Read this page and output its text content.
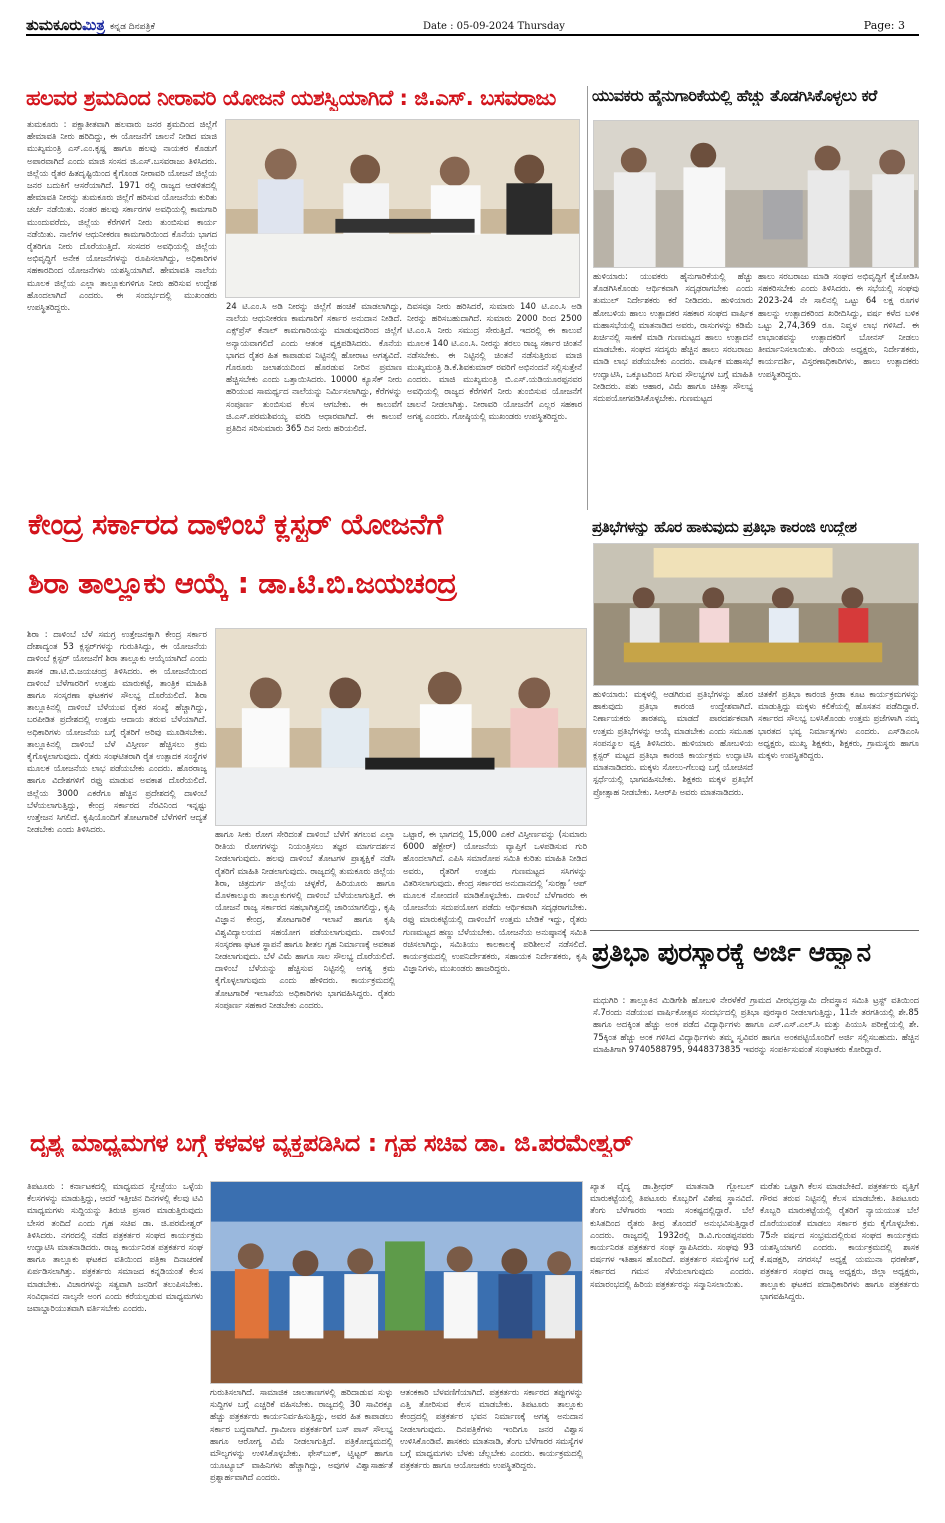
ತುಮಕೂರುಮಿತ್ರ ಕನ್ನಡ ದಿನಪತ್ರಿಕೆ	Date : 05-09-2024 Thursday	Page: 3
ಹಲವರ ಶ್ರಮದಿಂದ ನೀರಾವರಿ ಯೋಜನೆ ಯಶಸ್ವಿಯಾಗಿದೆ : ಜಿ.ಎಸ್. ಬಸವರಾಜು
ತುಮಕೂರು : ಪಕ್ಷಾತೀತವಾಗಿ ಹಲವಾರು ಜನರ ಶ್ರಮದಿಂದ ಜಿಲ್ಲೆಗೆ ಹೇಮಾವತಿ ನೀರು ಹರಿದಿದ್ದು, ಈ ಯೋಜನೆಗೆ ಚಾಲನೆ ನೀಡಿದ ಮಾಜಿ ಮುಖ್ಯಮಂತ್ರಿ ಎಸ್.ಎಂ.ಕೃಷ್ಣ ಹಾಗೂ ಹಲವು ನಾಯಕರ ಕೊಡುಗೆ ಅಪಾರವಾಗಿದೆ ಎಂದು ಮಾಜಿ ಸಂಸದ ಜಿ.ಎಸ್.ಬಸವರಾಜು ತಿಳಿಸಿದರು. ಜಿಲ್ಲೆಯ ರೈತರ ಹಿತದೃಷ್ಟಿಯಿಂದ ಕೈಗೊಂಡ ನೀರಾವರಿ ಯೋಜನೆ ಜಿಲ್ಲೆಯ ಜನರ ಬದುಕಿಗೆ ಆಸರೆಯಾಗಿದೆ. 1971 ರಲ್ಲಿ ರಾಜ್ಯದ ಆಡಳಿತದಲ್ಲಿ ಹೇಮಾವತಿ ನೀರನ್ನು ತುಮಕೂರು ಜಿಲ್ಲೆಗೆ ಹರಿಸುವ ಯೋಜನೆಯ ಕುರಿತು ಚರ್ಚೆ ನಡೆಯಿತು. ನಂತರ ಹಲವು ಸರ್ಕಾರಗಳ ಅವಧಿಯಲ್ಲಿ ಕಾಮಗಾರಿ ಮುಂದುವರೆದು, ಜಿಲ್ಲೆಯ ಕೆರೆಗಳಿಗೆ ನೀರು ತುಂಬಿಸುವ ಕಾರ್ಯ ನಡೆಯಿತು. ನಾಲೆಗಳ ಆಧುನೀಕರಣ ಕಾಮಗಾರಿಯಿಂದ ಕೊನೆಯ ಭಾಗದ ರೈತರಿಗೂ ನೀರು ದೊರೆಯುತ್ತಿದೆ. ಸಂಸದರ ಅವಧಿಯಲ್ಲಿ ಜಿಲ್ಲೆಯ ಅಭಿವೃದ್ಧಿಗೆ ಅನೇಕ ಯೋಜನೆಗಳನ್ನು ರೂಪಿಸಲಾಗಿದ್ದು, ಅಧಿಕಾರಿಗಳ ಸಹಕಾರದಿಂದ ಯೋಜನೆಗಳು ಯಶಸ್ವಿಯಾಗಿವೆ. ಹೇಮಾವತಿ ನಾಲೆಯ ಮೂಲಕ ಜಿಲ್ಲೆಯ ಎಲ್ಲಾ ತಾಲ್ಲೂಕುಗಳಿಗೂ ನೀರು ಹರಿಸುವ ಉದ್ದೇಶ ಹೊಂದಲಾಗಿದೆ ಎಂದರು. ಈ ಸಂದರ್ಭದಲ್ಲಿ ಮುಖಂಡರು ಉಪಸ್ಥಿತರಿದ್ದರು.	24 ಟಿ.ಎಂ.ಸಿ ಅಡಿ ನೀರನ್ನು ಜಿಲ್ಲೆಗೆ ಹಂಚಿಕೆ ಮಾಡಲಾಗಿದ್ದು, ನಾಲೆಯ ಆಧುನೀಕರಣ ಕಾಮಗಾರಿಗೆ ಸರ್ಕಾರ ಅನುದಾನ ನೀಡಿದೆ. ಎಕ್ಸ್‌ಪ್ರೆಸ್ ಕೆನಾಲ್ ಕಾಮಗಾರಿಯನ್ನು ಮಾಡುವುದರಿಂದ ಜಿಲ್ಲೆಗೆ ಅನ್ಯಾಯವಾಗಲಿದೆ ಎಂದು ಆತಂಕ ವ್ಯಕ್ತಪಡಿಸಿದರು. ಕೊನೆಯ ಭಾಗದ ರೈತರ ಹಿತ ಕಾಪಾಡುವ ನಿಟ್ಟಿನಲ್ಲಿ ಹೋರಾಟ ಅಗತ್ಯವಿದೆ. ಗೊರೂರು ಜಲಾಶಯದಿಂದ ಹೊರಡುವ ನೀರಿನ ಪ್ರಮಾಣ ಹೆಚ್ಚಿಸಬೇಕು ಎಂದು ಒತ್ತಾಯಿಸಿದರು. 10000 ಕ್ಯೂಸೆಕ್ ನೀರು ಹರಿಯುವ ಸಾಮರ್ಥ್ಯದ ನಾಲೆಯನ್ನು ನಿರ್ಮಿಸಲಾಗಿದ್ದು, ಕೆರೆಗಳನ್ನು ಸಂಪೂರ್ಣ ತುಂಬಿಸುವ ಕೆಲಸ ಆಗಬೇಕು. ಈ ಕಾಲುವೆಗೆ ಜಿ.ಎಸ್.ಪರಮಶಿವಯ್ಯ ವರದಿ ಆಧಾರವಾಗಿದೆ. ಈ ಕಾಲುವೆ ಪ್ರತಿದಿನ ಸರಿಸುಮಾರು 365 ದಿನ ನೀರು ಹರಿಯಲಿದೆ.
ದಿವಸವೂ ನೀರು ಹರಿಸಿದರೆ, ಸುಮಾರು 140 ಟಿ.ಎಂ.ಸಿ ಅಡಿ ನೀರನ್ನು ಹರಿಸಬಹುದಾಗಿದೆ. ಸುಮಾರು 2000 ರಿಂದ 2500 ಟಿ.ಎಂ.ಸಿ ನೀರು ಸಮುದ್ರ ಸೇರುತ್ತಿದೆ. ಇದರಲ್ಲಿ ಈ ಕಾಲುವೆ ಮೂಲಕ 140 ಟಿ.ಎಂ.ಸಿ. ನೀರನ್ನು ತರಲು ರಾಜ್ಯ ಸರ್ಕಾರ ಚಿಂತನೆ ನಡೆಸಬೇಕು. ಈ ನಿಟ್ಟಿನಲ್ಲಿ ಚಿಂತನೆ ನಡೆಸುತ್ತಿರುವ ಮಾಜಿ ಮುಖ್ಯಮಂತ್ರಿ ಡಿ.ಕೆ.ಶಿವಕುಮಾರ್ ರವರಿಗೆ ಅಭಿನಂದನೆ ಸಲ್ಲಿಸುತ್ತೇನೆ ಎಂದರು. ಮಾಜಿ ಮುಖ್ಯಮಂತ್ರಿ ಬಿ.ಎಸ್.ಯಡಿಯೂರಪ್ಪನವರ ಅವಧಿಯಲ್ಲಿ ರಾಜ್ಯದ ಕೆರೆಗಳಿಗೆ ನೀರು ತುಂಬಿಸುವ ಯೋಜನೆಗೆ ಚಾಲನೆ ನೀಡಲಾಗಿತ್ತು. ನೀರಾವರಿ ಯೋಜನೆಗೆ ಎಲ್ಲರ ಸಹಕಾರ ಅಗತ್ಯ ಎಂದರು. ಗೋಷ್ಠಿಯಲ್ಲಿ ಮುಖಂಡರು ಉಪಸ್ಥಿತರಿದ್ದರು.
ಯುವಕರು ಹೈನುಗಾರಿಕೆಯಲ್ಲಿ ಹೆಚ್ಚು ತೊಡಗಿಸಿಕೊಳ್ಳಲು ಕರೆ
ಹುಳಿಯಾರು: ಯುವಕರು ಹೈನುಗಾರಿಕೆಯಲ್ಲಿ ಹೆಚ್ಚು ತೊಡಗಿಸಿಕೊಂಡು ಆರ್ಥಿಕವಾಗಿ ಸದೃಢರಾಗಬೇಕು ಎಂದು ತುಮುಲ್ ನಿರ್ದೇಶಕರು ಕರೆ ನೀಡಿದರು. ಹುಳಿಯಾರು ಹೋಬಳಿಯ ಹಾಲು ಉತ್ಪಾದಕರ ಸಹಕಾರ ಸಂಘದ ವಾರ್ಷಿಕ ಮಹಾಸಭೆಯಲ್ಲಿ ಮಾತನಾಡಿದ ಅವರು, ರಾಸುಗಳನ್ನು ಕಡಿಮೆ ಖರ್ಚಿನಲ್ಲಿ ಸಾಕಣೆ ಮಾಡಿ ಗುಣಮಟ್ಟದ ಹಾಲು ಉತ್ಪಾದನೆ ಮಾಡಬೇಕು. ಸಂಘದ ಸದಸ್ಯರು ಹೆಚ್ಚಿನ ಹಾಲು ಸರಬರಾಜು ಮಾಡಿ ಲಾಭ ಪಡೆಯಬೇಕು ಎಂದರು. ವಾರ್ಷಿಕ ಮಹಾಸಭೆ ಉದ್ಘಾಟಿಸಿ, ಒಕ್ಕೂಟದಿಂದ ಸಿಗುವ ಸೌಲಭ್ಯಗಳ ಬಗ್ಗೆ ಮಾಹಿತಿ ನೀಡಿದರು. ಪಶು ಆಹಾರ, ವಿಮೆ ಹಾಗೂ ಚಿಕಿತ್ಸಾ ಸೌಲಭ್ಯ ಸದುಪಯೋಗಪಡಿಸಿಕೊಳ್ಳಬೇಕು. ಗುಣಮಟ್ಟದ
ಹಾಲು ಸರಬರಾಜು ಮಾಡಿ ಸಂಘದ ಅಭಿವೃದ್ಧಿಗೆ ಕೈಜೋಡಿಸಿ ಸಹಕರಿಸಬೇಕು ಎಂದು ತಿಳಿಸಿದರು. ಈ ಸಭೆಯಲ್ಲಿ ಸಂಘವು 2023-24 ನೇ ಸಾಲಿನಲ್ಲಿ ಒಟ್ಟು 64 ಲಕ್ಷ ರೂಗಳ ಹಾಲನ್ನು ಉತ್ಪಾದಕರಿಂದ ಖರೀದಿಸಿದ್ದು, ವರ್ಷ ಕಳೆದ ಬಳಿಕ ಒಟ್ಟು 2,74,369 ರೂ. ನಿವ್ವಳ ಲಾಭ ಗಳಿಸಿದೆ. ಈ ಲಾಭಾಂಶವನ್ನು ಉತ್ಪಾದಕರಿಗೆ ಬೋನಸ್ ನೀಡಲು ತೀರ್ಮಾನಿಸಲಾಯಿತು. ಡೇರಿಯ ಅಧ್ಯಕ್ಷರು, ನಿರ್ದೇಶಕರು, ಕಾರ್ಯದರ್ಶಿ, ವಿಸ್ತರಣಾಧಿಕಾರಿಗಳು, ಹಾಲು ಉತ್ಪಾದಕರು ಉಪಸ್ಥಿತರಿದ್ದರು.
ಕೇಂದ್ರ ಸರ್ಕಾರದ ದಾಳಿಂಬೆ ಕ್ಲಸ್ಟರ್ ಯೋಜನೆಗೆ
ಶಿರಾ ತಾಲ್ಲೂಕು ಆಯ್ಕೆ : ಡಾ.ಟಿ.ಬಿ.ಜಯಚಂದ್ರ
ಪ್ರತಿಭೆಗಳನ್ನು ಹೊರ ಹಾಕುವುದು ಪ್ರತಿಭಾ ಕಾರಂಜಿ ಉದ್ದೇಶ
ಹುಳಿಯಾರು: ಮಕ್ಕಳಲ್ಲಿ ಅಡಗಿರುವ ಪ್ರತಿಭೆಗಳನ್ನು ಹೊರ ಹಾಕುವುದು ಪ್ರತಿಭಾ ಕಾರಂಜಿ ಉದ್ದೇಶವಾಗಿದೆ. ನಿರ್ಣಾಯಕರು ತಾರತಮ್ಯ ಮಾಡದೆ ಪಾರದರ್ಶಕವಾಗಿ ಉತ್ತಮ ಪ್ರತಿಭೆಗಳನ್ನು ಆಯ್ಕೆ ಮಾಡಬೇಕು ಎಂದು ಸಮೂಹ ಸಂಪನ್ಮೂಲ ವ್ಯಕ್ತಿ ತಿಳಿಸಿದರು. ಹುಳಿಯಾರು ಹೋಬಳಿಯ ಕ್ಲಸ್ಟರ್ ಮಟ್ಟದ ಪ್ರತಿಭಾ ಕಾರಂಜಿ ಕಾರ್ಯಕ್ರಮ ಉದ್ಘಾಟಿಸಿ ಮಾತನಾಡಿದರು. ಮಕ್ಕಳು ಸೋಲು-ಗೆಲುವು ಬಗ್ಗೆ ಯೋಚಿಸದೆ ಸ್ಪರ್ಧೆಯಲ್ಲಿ ಭಾಗವಹಿಸಬೇಕು. ಶಿಕ್ಷಕರು ಮಕ್ಕಳ ಪ್ರತಿಭೆಗೆ ಪ್ರೋತ್ಸಾಹ ನೀಡಬೇಕು. ಸಿಆರ್‌ಪಿ ಅವರು ಮಾತನಾಡಿದರು.
ಚಿತಕೆಗೆ ಪ್ರತಿಭಾ ಕಾರಂಜಿ ಕ್ರೀಡಾ ಕೂಟ ಕಾರ್ಯಕ್ರಮಗಳನ್ನು ಮಾಡುತ್ತಿದ್ದು ಮಕ್ಕಳು ಕಲಿಕೆಯಲ್ಲಿ ಹೊಸತನ ಪಡೆದಿದ್ದಾರೆ. ಸರ್ಕಾರದ ಸೌಲಭ್ಯ ಬಳಸಿಕೊಂಡು ಉತ್ತಮ ಪ್ರಜೆಗಳಾಗಿ ನಮ್ಮ ಭಾರತದ ಭವ್ಯ ನಿರ್ಮಾತೃಗಳು ಎಂದರು. ಎಸ್‌ಡಿಎಂಸಿ ಅಧ್ಯಕ್ಷರು, ಮುಖ್ಯ ಶಿಕ್ಷಕರು, ಶಿಕ್ಷಕರು, ಗ್ರಾಮಸ್ಥರು ಹಾಗೂ ಮಕ್ಕಳು ಉಪಸ್ಥಿತರಿದ್ದರು.
ಶಿರಾ : ದಾಳಿಂಬೆ ಬೆಳೆ ಸಮಗ್ರ ಉತ್ತೇಜನಕ್ಕಾಗಿ ಕೇಂದ್ರ ಸರ್ಕಾರ ದೇಶಾದ್ಯಂತ 53 ಕ್ಲಸ್ಟರ್‌ಗಳನ್ನು ಗುರುತಿಸಿದ್ದು, ಈ ಯೋಜನೆಯ ದಾಳಿಂಬೆ ಕ್ಲಸ್ಟರ್ ಯೋಜನೆಗೆ ಶಿರಾ ತಾಲ್ಲೂಕು ಆಯ್ಕೆಯಾಗಿದೆ ಎಂದು ಶಾಸಕ ಡಾ.ಟಿ.ಬಿ.ಜಯಚಂದ್ರ ತಿಳಿಸಿದರು. ಈ ಯೋಜನೆಯಿಂದ ದಾಳಿಂಬೆ ಬೆಳೆಗಾರರಿಗೆ ಉತ್ತಮ ಮಾರುಕಟ್ಟೆ, ತಾಂತ್ರಿಕ ಮಾಹಿತಿ ಹಾಗೂ ಸಂಸ್ಕರಣಾ ಘಟಕಗಳ ಸೌಲಭ್ಯ ದೊರೆಯಲಿದೆ. ಶಿರಾ ತಾಲ್ಲೂಕಿನಲ್ಲಿ ದಾಳಿಂಬೆ ಬೆಳೆಯುವ ರೈತರ ಸಂಖ್ಯೆ ಹೆಚ್ಚಾಗಿದ್ದು, ಬರಪೀಡಿತ ಪ್ರದೇಶದಲ್ಲಿ ಉತ್ತಮ ಆದಾಯ ತರುವ ಬೆಳೆಯಾಗಿದೆ. ಅಧಿಕಾರಿಗಳು ಯೋಜನೆಯ ಬಗ್ಗೆ ರೈತರಿಗೆ ಅರಿವು ಮೂಡಿಸಬೇಕು. ತಾಲ್ಲೂಕಿನಲ್ಲಿ ದಾಳಿಂಬೆ ಬೆಳೆ ವಿಸ್ತೀರ್ಣ ಹೆಚ್ಚಿಸಲು ಕ್ರಮ ಕೈಗೊಳ್ಳಲಾಗುವುದು. ರೈತರು ಸಂಘಟಿತರಾಗಿ ರೈತ ಉತ್ಪಾದಕ ಸಂಸ್ಥೆಗಳ ಮೂಲಕ ಯೋಜನೆಯ ಲಾಭ ಪಡೆಯಬೇಕು ಎಂದರು. ಹೊರರಾಜ್ಯ ಹಾಗೂ ವಿದೇಶಗಳಿಗೆ ರಫ್ತು ಮಾಡುವ ಅವಕಾಶ ದೊರೆಯಲಿದೆ. ಜಿಲ್ಲೆಯ 3000 ಎಕರೆಗೂ ಹೆಚ್ಚಿನ ಪ್ರದೇಶದಲ್ಲಿ ದಾಳಿಂಬೆ ಬೆಳೆಯಲಾಗುತ್ತಿದ್ದು, ಕೇಂದ್ರ ಸರ್ಕಾರದ ನೆರವಿನಿಂದ ಇನ್ನಷ್ಟು ಉತ್ತೇಜನ ಸಿಗಲಿದೆ. ಕೃಷಿಯೊಂದಿಗೆ ತೋಟಗಾರಿಕೆ ಬೆಳೆಗಳಿಗೆ ಆದ್ಯತೆ ನೀಡಬೇಕು ಎಂದು ತಿಳಿಸಿದರು.	ಹಾಗೂ ಸೀಕು ರೋಗ ಸೇರಿದಂತೆ ದಾಳಿಂಬೆ ಬೆಳೆಗೆ ತಗಲುವ ಎಲ್ಲಾ ರೀತಿಯ ರೋಗಗಳನ್ನು ನಿಯಂತ್ರಿಸಲು ತಜ್ಞರ ಮಾರ್ಗದರ್ಶನ ನೀಡಲಾಗುವುದು. ಹಲವು ದಾಳಿಂಬೆ ತೋಟಗಳ ಪ್ರಾತ್ಯಕ್ಷಿಕೆ ನಡೆಸಿ ರೈತರಿಗೆ ಮಾಹಿತಿ ನೀಡಲಾಗುವುದು. ರಾಜ್ಯದಲ್ಲಿ ತುಮಕೂರು ಜಿಲ್ಲೆಯ ಶಿರಾ, ಚಿತ್ರದುರ್ಗ ಜಿಲ್ಲೆಯ ಚಳ್ಳಕೆರೆ, ಹಿರಿಯೂರು ಹಾಗೂ ಮೊಳಕಾಲ್ಮೂರು ತಾಲ್ಲೂಕುಗಳಲ್ಲಿ ದಾಳಿಂಬೆ ಬೆಳೆಯಲಾಗುತ್ತಿದೆ. ಈ ಯೋಜನೆ ರಾಜ್ಯ ಸರ್ಕಾರದ ಸಹಭಾಗಿತ್ವದಲ್ಲಿ ಜಾರಿಯಾಗಲಿದ್ದು, ಕೃಷಿ ವಿಜ್ಞಾನ ಕೇಂದ್ರ, ತೋಟಗಾರಿಕೆ ಇಲಾಖೆ ಹಾಗೂ ಕೃಷಿ ವಿಶ್ವವಿದ್ಯಾಲಯದ ಸಹಯೋಗ ಪಡೆಯಲಾಗುವುದು. ದಾಳಿಂಬೆ ಸಂಸ್ಕರಣಾ ಘಟಕ ಸ್ಥಾಪನೆ ಹಾಗೂ ಶೀತಲ ಗೃಹ ನಿರ್ಮಾಣಕ್ಕೆ ಅವಕಾಶ ನೀಡಲಾಗುವುದು. ಬೆಳೆ ವಿಮೆ ಹಾಗೂ ಸಾಲ ಸೌಲಭ್ಯ ದೊರೆಯಲಿದೆ. ದಾಳಿಂಬೆ ಬೆಳೆಯನ್ನು ಹೆಚ್ಚಿಸುವ ನಿಟ್ಟಿನಲ್ಲಿ ಅಗತ್ಯ ಕ್ರಮ ಕೈಗೊಳ್ಳಲಾಗುವುದು ಎಂದು ಹೇಳಿದರು. ಕಾರ್ಯಕ್ರಮದಲ್ಲಿ ತೋಟಗಾರಿಕೆ ಇಲಾಖೆಯ ಅಧಿಕಾರಿಗಳು ಭಾಗವಹಿಸಿದ್ದರು. ರೈತರು ಸಂಪೂರ್ಣ ಸಹಕಾರ ನೀಡಬೇಕು ಎಂದರು.
ಒಟ್ಟಾರೆ, ಈ ಭಾಗದಲ್ಲಿ 15,000 ಎಕರೆ ವಿಸ್ತೀರ್ಣವನ್ನು (ಸುಮಾರು 6000 ಹೆಕ್ಟೇರ್) ಯೋಜನೆಯ ವ್ಯಾಪ್ತಿಗೆ ಒಳಪಡಿಸುವ ಗುರಿ ಹೊಂದಲಾಗಿದೆ. ಎಪಿಸಿ ಸಮಾರೋಪ ಸಮಿತಿ ಕುರಿತು ಮಾಹಿತಿ ನೀಡಿದ ಅವರು, ರೈತರಿಗೆ ಉತ್ತಮ ಗುಣಮಟ್ಟದ ಸಸಿಗಳನ್ನು ವಿತರಿಸಲಾಗುವುದು. ಕೇಂದ್ರ ಸರ್ಕಾರದ ಅನುದಾನದಲ್ಲಿ ‘ಸುರಕ್ಷಾ’ ಆಪ್ ಮೂಲಕ ನೋಂದಣಿ ಮಾಡಿಕೊಳ್ಳಬೇಕು. ದಾಳಿಂಬೆ ಬೆಳೆಗಾರರು ಈ ಯೋಜನೆಯ ಸದುಪಯೋಗ ಪಡೆದು ಆರ್ಥಿಕವಾಗಿ ಸದೃಢರಾಗಬೇಕು. ರಫ್ತು ಮಾರುಕಟ್ಟೆಯಲ್ಲಿ ದಾಳಿಂಬೆಗೆ ಉತ್ತಮ ಬೇಡಿಕೆ ಇದ್ದು, ರೈತರು ಗುಣಮಟ್ಟದ ಹಣ್ಣು ಬೆಳೆಯಬೇಕು. ಯೋಜನೆಯ ಅನುಷ್ಠಾನಕ್ಕೆ ಸಮಿತಿ ರಚಿಸಲಾಗಿದ್ದು, ಸಮಿತಿಯು ಕಾಲಕಾಲಕ್ಕೆ ಪರಿಶೀಲನೆ ನಡೆಸಲಿದೆ. ಕಾರ್ಯಕ್ರಮದಲ್ಲಿ ಉಪನಿರ್ದೇಶಕರು, ಸಹಾಯಕ ನಿರ್ದೇಶಕರು, ಕೃಷಿ ವಿಜ್ಞಾನಿಗಳು, ಮುಖಂಡರು ಹಾಜರಿದ್ದರು.
ಪ್ರತಿಭಾ ಪುರಸ್ಕಾರಕ್ಕೆ ಅರ್ಜಿ ಆಹ್ವಾನ
ಮಧುಗಿರಿ : ತಾಲ್ಲೂಕಿನ ಮಿಡಿಗೇಶಿ ಹೋಬಳಿ ನೇರಳೆಕೆರೆ ಗ್ರಾಮದ ವೀರಭದ್ರಸ್ವಾಮಿ ದೇವಸ್ಥಾನ ಸಮಿತಿ ಟ್ರಸ್ಟ್ ವತಿಯಿಂದ ಸೆ.7ರಂದು ನಡೆಯುವ ವಾರ್ಷಿಕೋತ್ಸವ ಸಂದರ್ಭದಲ್ಲಿ ಪ್ರತಿಭಾ ಪುರಸ್ಕಾರ ನೀಡಲಾಗುತ್ತಿದ್ದು, 11ನೇ ತರಗತಿಯಲ್ಲಿ ಶೇ.85 ಹಾಗೂ ಅದಕ್ಕಿಂತ ಹೆಚ್ಚು ಅಂಕ ಪಡೆದ ವಿದ್ಯಾರ್ಥಿಗಳು ಹಾಗೂ ಎಸ್.ಎಸ್.ಎಲ್.ಸಿ ಮತ್ತು ಪಿಯುಸಿ ಪರೀಕ್ಷೆಯಲ್ಲಿ ಶೇ. 75ಕ್ಕಿಂತ ಹೆಚ್ಚು ಅಂಕ ಗಳಿಸಿದ ವಿದ್ಯಾರ್ಥಿಗಳು ತಮ್ಮ ಸ್ವವಿವರ ಹಾಗೂ ಅಂಕಪಟ್ಟಿಯೊಂದಿಗೆ ಅರ್ಜಿ ಸಲ್ಲಿಸಬಹುದು. ಹೆಚ್ಚಿನ ಮಾಹಿತಿಗಾಗಿ 9740588795, 9448373835 ಇವರನ್ನು ಸಂಪರ್ಕಿಸುವಂತೆ ಸಂಘಟಕರು ಕೋರಿದ್ದಾರೆ.
ದೃಶ್ಯ ಮಾಧ್ಯಮಗಳ ಬಗ್ಗೆ ಕಳವಳ ವ್ಯಕ್ತಪಡಿಸಿದ : ಗೃಹ ಸಚಿವ ಡಾ. ಜಿ.ಪರಮೇಶ್ವರ್
ತಿಪಟೂರು : ಕರ್ನಾಟಕದಲ್ಲಿ ಮಾಧ್ಯಮದ ಸ್ವೇಚ್ಛೆಯು ಒಳ್ಳೆಯ ಕೆಲಸಗಳನ್ನು ಮಾಡುತ್ತಿದ್ದು, ಆದರೆ ಇತ್ತೀಚಿನ ದಿನಗಳಲ್ಲಿ ಕೆಲವು ಟಿವಿ ಮಾಧ್ಯಮಗಳು ಸುದ್ದಿಯನ್ನು ತಿರುಚಿ ಪ್ರಸಾರ ಮಾಡುತ್ತಿರುವುದು ಬೇಸರ ತಂದಿದೆ ಎಂದು ಗೃಹ ಸಚಿವ ಡಾ. ಜಿ.ಪರಮೇಶ್ವರ್ ತಿಳಿಸಿದರು. ನಗರದಲ್ಲಿ ನಡೆದ ಪತ್ರಕರ್ತರ ಸಂಘದ ಕಾರ್ಯಕ್ರಮ ಉದ್ಘಾಟಿಸಿ ಮಾತನಾಡಿದರು. ರಾಜ್ಯ ಕಾರ್ಯನಿರತ ಪತ್ರಕರ್ತರ ಸಂಘ ಹಾಗೂ ತಾಲ್ಲೂಕು ಘಟಕದ ವತಿಯಿಂದ ಪತ್ರಿಕಾ ದಿನಾಚರಣೆ ಏರ್ಪಡಿಸಲಾಗಿತ್ತು. ಪತ್ರಕರ್ತರು ಸಮಾಜದ ಕನ್ನಡಿಯಂತೆ ಕೆಲಸ ಮಾಡಬೇಕು. ವಿಚಾರಗಳನ್ನು ಸತ್ಯವಾಗಿ ಜನರಿಗೆ ತಲುಪಿಸಬೇಕು. ಸಂವಿಧಾನದ ನಾಲ್ಕನೇ ಅಂಗ ಎಂದು ಕರೆಯಲ್ಪಡುವ ಮಾಧ್ಯಮಗಳು ಜವಾಬ್ದಾರಿಯುತವಾಗಿ ವರ್ತಿಸಬೇಕು ಎಂದರು.
ಗುರುತಿಸಲಾಗಿದೆ. ಸಾಮಾಜಿಕ ಜಾಲತಾಣಗಳಲ್ಲಿ ಹರಿದಾಡುವ ಸುಳ್ಳು ಸುದ್ದಿಗಳ ಬಗ್ಗೆ ಎಚ್ಚರಿಕೆ ವಹಿಸಬೇಕು. ರಾಜ್ಯದಲ್ಲಿ 30 ಸಾವಿರಕ್ಕೂ ಹೆಚ್ಚು ಪತ್ರಕರ್ತರು ಕಾರ್ಯನಿರ್ವಹಿಸುತ್ತಿದ್ದು, ಅವರ ಹಿತ ಕಾಪಾಡಲು ಸರ್ಕಾರ ಬದ್ಧವಾಗಿದೆ. ಗ್ರಾಮೀಣ ಪತ್ರಕರ್ತರಿಗೆ ಬಸ್ ಪಾಸ್ ಸೌಲಭ್ಯ ಹಾಗೂ ಆರೋಗ್ಯ ವಿಮೆ ನೀಡಲಾಗುತ್ತಿದೆ. ಪತ್ರಿಕೋದ್ಯಮದಲ್ಲಿ ಮೌಲ್ಯಗಳನ್ನು ಉಳಿಸಿಕೊಳ್ಳಬೇಕು. ಫೇಸ್‌ಬುಕ್, ಟ್ವಿಟ್ಟರ್ ಹಾಗೂ ಯೂಟ್ಯೂಬ್ ವಾಹಿನಿಗಳು ಹೆಚ್ಚಾಗಿದ್ದು, ಅವುಗಳ ವಿಶ್ವಾಸಾರ್ಹತೆ ಪ್ರಶ್ನಾರ್ಹವಾಗಿದೆ ಎಂದರು.
ಆತಂಕಕಾರಿ ಬೆಳವಣಿಗೆಯಾಗಿದೆ. ಪತ್ರಕರ್ತರು ಸರ್ಕಾರದ ತಪ್ಪುಗಳನ್ನು ಎತ್ತಿ ತೋರಿಸುವ ಕೆಲಸ ಮಾಡಬೇಕು. ತಿಪಟೂರು ತಾಲ್ಲೂಕು ಕೇಂದ್ರದಲ್ಲಿ ಪತ್ರಕರ್ತರ ಭವನ ನಿರ್ಮಾಣಕ್ಕೆ ಅಗತ್ಯ ಅನುದಾನ ನೀಡಲಾಗುವುದು. ದಿನಪತ್ರಿಕೆಗಳು ಇಂದಿಗೂ ಜನರ ವಿಶ್ವಾಸ ಉಳಿಸಿಕೊಂಡಿವೆ. ಶಾಸಕರು ಮಾತನಾಡಿ, ತೆಂಗು ಬೆಳೆಗಾರರ ಸಮಸ್ಯೆಗಳ ಬಗ್ಗೆ ಮಾಧ್ಯಮಗಳು ಬೆಳಕು ಚೆಲ್ಲಬೇಕು ಎಂದರು. ಕಾರ್ಯಕ್ರಮದಲ್ಲಿ ಪತ್ರಕರ್ತರು ಹಾಗೂ ಆಯೋಜಕರು ಉಪಸ್ಥಿತರಿದ್ದರು.
ಖ್ಯಾತ ವೈದ್ಯ ಡಾ.ಶ್ರೀಧರ್ ಮಾತನಾಡಿ ಗ್ಲೋಬಲ್ ಮಾರುಕಟ್ಟೆಯಲ್ಲಿ ತಿಪಟೂರು ಕೊಬ್ಬರಿಗೆ ವಿಶೇಷ ಸ್ಥಾನವಿದೆ. ತೆಂಗು ಬೆಳೆಗಾರರು ಇಂದು ಸಂಕಷ್ಟದಲ್ಲಿದ್ದಾರೆ. ಬೆಲೆ ಕುಸಿತದಿಂದ ರೈತರು ತೀವ್ರ ತೊಂದರೆ ಅನುಭವಿಸುತ್ತಿದ್ದಾರೆ ಎಂದರು. ರಾಜ್ಯದಲ್ಲಿ 1932ರಲ್ಲಿ ಡಿ.ವಿ.ಗುಂಡಪ್ಪನವರು ಕಾರ್ಯನಿರತ ಪತ್ರಕರ್ತರ ಸಂಘ ಸ್ಥಾಪಿಸಿದರು. ಸಂಘವು 93 ವರ್ಷಗಳ ಇತಿಹಾಸ ಹೊಂದಿದೆ. ಪತ್ರಕರ್ತರ ಸಮಸ್ಯೆಗಳ ಬಗ್ಗೆ ಸರ್ಕಾರದ ಗಮನ ಸೆಳೆಯಲಾಗುವುದು ಎಂದರು. ಸಮಾರಂಭದಲ್ಲಿ ಹಿರಿಯ ಪತ್ರಕರ್ತರನ್ನು ಸನ್ಮಾನಿಸಲಾಯಿತು.
ಮರೆತು ಒಟ್ಟಾಗಿ ಕೆಲಸ ಮಾಡಬೇಕಿದೆ. ಪತ್ರಕರ್ತರು ವೃತ್ತಿಗೆ ಗೌರವ ತರುವ ನಿಟ್ಟಿನಲ್ಲಿ ಕೆಲಸ ಮಾಡಬೇಕು. ತಿಪಟೂರು ಕೊಬ್ಬರಿ ಮಾರುಕಟ್ಟೆಯಲ್ಲಿ ರೈತರಿಗೆ ನ್ಯಾಯಯುತ ಬೆಲೆ ದೊರೆಯುವಂತೆ ಮಾಡಲು ಸರ್ಕಾರ ಕ್ರಮ ಕೈಗೊಳ್ಳಬೇಕು. 75ನೇ ವರ್ಷದ ಸಂಭ್ರಮದಲ್ಲಿರುವ ಸಂಘದ ಕಾರ್ಯಕ್ರಮ ಯಶಸ್ವಿಯಾಗಲಿ ಎಂದರು. ಕಾರ್ಯಕ್ರಮದಲ್ಲಿ ಶಾಸಕ ಕೆ.ಷಡಕ್ಷರಿ, ನಗರಸಭೆ ಅಧ್ಯಕ್ಷೆ ಯಮುನಾ ಧರಣೇಶ್, ಪತ್ರಕರ್ತರ ಸಂಘದ ರಾಜ್ಯ ಅಧ್ಯಕ್ಷರು, ಜಿಲ್ಲಾ ಅಧ್ಯಕ್ಷರು, ತಾಲ್ಲೂಕು ಘಟಕದ ಪದಾಧಿಕಾರಿಗಳು ಹಾಗೂ ಪತ್ರಕರ್ತರು ಭಾಗವಹಿಸಿದ್ದರು.
